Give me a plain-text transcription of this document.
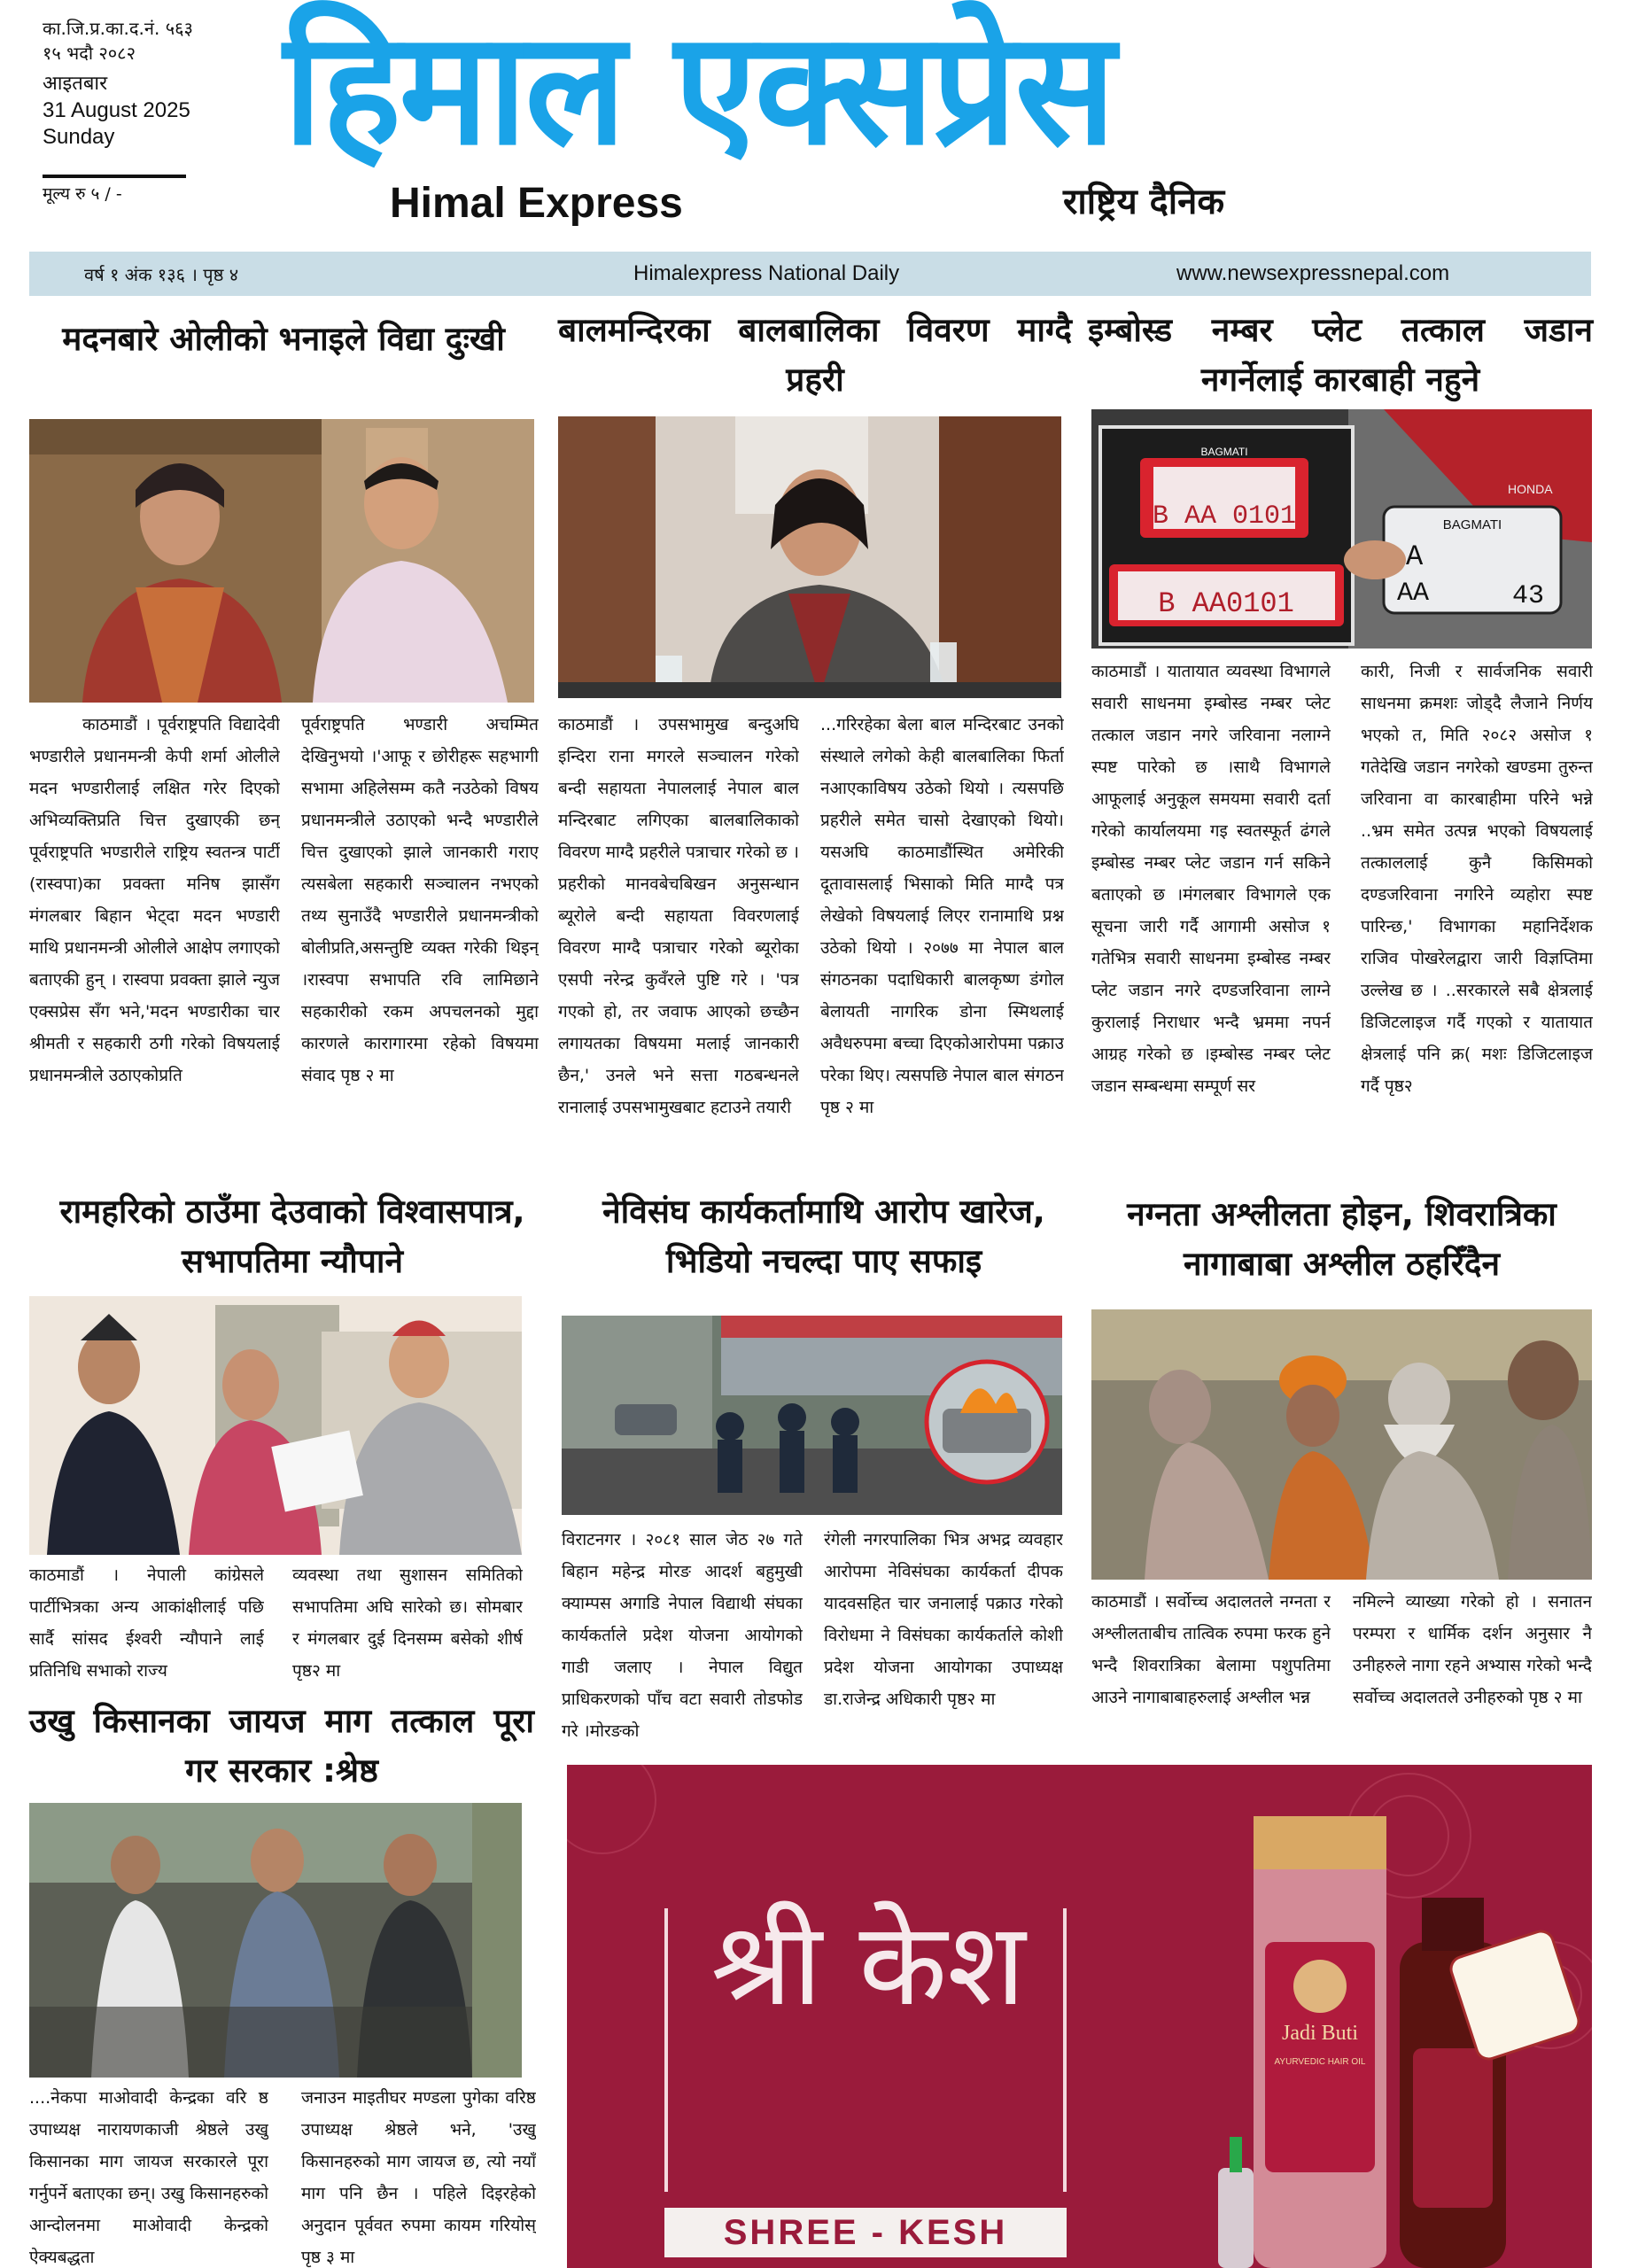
का.जि.प्र.का.द.नं. ५६३
१५ भदौ २०८२
आइतबार
31 August 2025
Sunday
मूल्य रु ५ / -
हिमाल एक्सप्रेस
Himal Express	राष्ट्रिय दैनिक
वर्ष १ अंक १३६ । पृष्ठ ४	Himalexpress National Daily	www.newsexpressnepal.com
मदनबारे ओलीको भनाइले विद्या दुःखी
काठमाडौं । पूर्वराष्ट्रपति विद्यादेवी भण्डारीले प्रधानमन्त्री केपी शर्मा ओलीले मदन भण्डारीलाई लक्षित गरेर दिएको अभिव्यक्तिप्रति चित्त दुखाएकी छन् पूर्वराष्ट्रपति भण्डारीले राष्ट्रिय स्वतन्त्र पार्टी (रास्वपा)का प्रवक्ता मनिष झासँग मंगलबार बिहान भेट्दा मदन भण्डारी माथि प्रधानमन्त्री ओलीले आक्षेप लगाएको बताएकी हुन् । रास्वपा प्रवक्ता झाले न्युज एक्सप्रेस सँग भने,'मदन भण्डारीका चार श्रीमती र सहकारी ठगी गरेको विषयलाई प्रधानमन्त्रीले उठाएकोप्रति
पूर्वराष्ट्रपति भण्डारी अचम्मित देखिनुभयो ।'आफू र छोरीहरू सहभागी सभामा अहिलेसम्म कतै नउठेको विषय प्रधानमन्त्रीले उठाएको भन्दै भण्डारीले चित्त दुखाएको झाले जानकारी गराए त्यसबेला सहकारी सञ्चालन नभएको तथ्य सुनाउँदै भण्डारीले प्रधानमन्त्रीको बोलीप्रति,असन्तुष्टि व्यक्त गरेकी थिइन् ।रास्वपा सभापति रवि लामिछाने सहकारीको रकम अपचलनको मुद्दा कारणले कारागारमा रहेको विषयमा संवाद पृष्ठ २ मा
बालमन्दिरका बालबालिका विवरण माग्दै प्रहरी
काठमाडौं । उपसभामुख बन्दुअघि इन्दिरा राना मगरले सञ्चालन गरेको बन्दी सहायता नेपाललाई नेपाल बाल मन्दिरबाट लगिएका बालबालिकाको विवरण माग्दै प्रहरीले पत्राचार गरेको छ ।प्रहरीको मानवबेचबिखन अनुसन्धान ब्यूरोले बन्दी सहायता विवरणलाई विवरण माग्दै पत्राचार गरेको ब्यूरोका एसपी नरेन्द्र कुवँरले पुष्टि गरे । 'पत्र गएको हो, तर जवाफ आएको छच्छैन लगायतका विषयमा मलाई जानकारी छैन,' उनले भने सत्ता गठबन्धनले रानालाई उपसभामुखबाट हटाउने तयारी
...गरिरहेका बेला बाल मन्दिरबाट उनको संस्थाले लगेको केही बालबालिका फिर्ता नआएकाविषय उठेको थियो । त्यसपछि प्रहरीले समेत चासो देखाएको थियो। यसअघि काठमाडौंस्थित अमेरिकी दूतावासलाई भिसाको मिति माग्दै पत्र लेखेको विषयलाई लिएर रानामाथि प्रश्न उठेको थियो । २०७७ मा नेपाल बाल संगठनका पदाधिकारी बालकृष्ण डंगोल बेलायती नागरिक डोना स्मिथलाई अवैधरुपमा बच्चा दिएकोआरोपमा पक्राउ परेका थिए। त्यसपछि नेपाल बाल संगठन पृष्ठ २ मा
इम्बोस्ड नम्बर प्लेट तत्काल जडान नगर्नेलाई कारबाही नहुने
BAGMATI
B AA 0101
B AA0101
BAGMATI
A
AA	43
HONDA
काठमाडौं । यातायात व्यवस्था विभागले सवारी साधनमा इम्बोस्ड नम्बर प्लेट तत्काल जडान नगरे जरिवाना नलाग्ने स्पष्ट पारेको छ ।साथै विभागले आफूलाई अनुकूल समयमा सवारी दर्ता गरेको कार्यालयमा गइ स्वतस्फूर्त ढंगले इम्बोस्ड नम्बर प्लेट जडान गर्न सकिने बताएको छ ।मंगलबार विभागले एक सूचना जारी गर्दै आगामी असोज १ गतेभित्र सवारी साधनमा इम्बोस्ड नम्बर प्लेट जडान नगरे दण्डजरिवाना लाग्ने कुरालाई निराधार भन्दै भ्रममा नपर्न आग्रह गरेको छ ।इम्बोस्ड नम्बर प्लेट जडान सम्बन्धमा सम्पूर्ण सर
कारी, निजी र सार्वजनिक सवारी साधनमा क्रमशः जोड्दै लैजाने निर्णय भएको त, मिति २०८२ असोज १ गतेदेखि जडान नगरेको खण्डमा तुरुन्त जरिवाना वा कारबाहीमा परिने भन्ने ..भ्रम समेत उत्पन्न भएको विषयलाई तत्काललाई कुनै किसिमको दण्डजरिवाना नगरिने व्यहोरा स्पष्ट पारिन्छ,' विभागका महानिर्देशक राजिव पोखरेलद्वारा जारी विज्ञप्तिमा उल्लेख छ । ..सरकारले सबै क्षेत्रलाई डिजिटलाइज गर्दै गएको र यातायात क्षेत्रलाई पनि क्र( मशः डिजिटलाइज गर्दै पृष्ठ२
रामहरिको ठाउँमा देउवाको विश्वासपात्र, सभापतिमा न्यौपाने
काठमाडौं । नेपाली कांग्रेसले पार्टीभित्रका अन्य आकांक्षीलाई पछि सार्दै सांसद ईश्वरी न्यौपाने लाई प्रतिनिधि सभाको राज्य
व्यवस्था तथा सुशासन समितिको सभापतिमा अघि सारेको छ। सोमबार र मंगलबार दुई दिनसम्म बसेको शीर्ष पृष्ठ२ मा
नेविसंघ कार्यकर्तामाथि आरोप खारेज, भिडियो नचल्दा पाए सफाइ
विराटनगर । २०८१ साल जेठ २७ गते बिहान महेन्द्र मोरङ आदर्श बहुमुखी क्याम्पस अगाडि नेपाल विद्याथी संघका कार्यकर्ताले प्रदेश योजना आयोगको गाडी जलाए । नेपाल विद्युत प्राधिकरणको पाँच वटा सवारी तोडफोड गरे ।मोरङको
रंगेली नगरपालिका भित्र अभद्र व्यवहार आरोपमा नेविसंघका कार्यकर्ता दीपक यादवसहित चार जनालाई पक्राउ गरेको विरोधमा ने विसंघका कार्यकर्ताले कोशी प्रदेश योजना आयोगका उपाध्यक्ष डा.राजेन्द्र अधिकारी पृष्ठ२ मा
नग्नता अश्लीलता होइन, शिवरात्रिका नागाबाबा अश्लील ठहरिँदैन
काठमाडौं । सर्वोच्च अदालतले नग्नता र अश्लीलताबीच तात्विक रुपमा फरक हुने भन्दै शिवरात्रिका बेलामा पशुपतिमा आउने नागाबाबाहरुलाई अश्लील भन्न
नमिल्ने व्याख्या गरेको हो । सनातन परम्परा र धार्मिक दर्शन अनुसार नै उनीहरुले नागा रहने अभ्यास गरेको भन्दै सर्वोच्च अदालतले उनीहरुको पृष्ठ २ मा
उखु किसानका जायज माग तत्काल पूरा गर सरकार :श्रेष्ठ
....नेकपा माओवादी केन्द्रका वरि ष्ठ उपाध्यक्ष नारायणकाजी श्रेष्ठले उखु किसानका माग जायज सरकारले पूरा गर्नुपर्ने बताएका छन्। उखु किसानहरुको आन्दोलनमा माओवादी केन्द्रको ऐक्यबद्धता
जनाउन माइतीघर मण्डला पुगेका वरिष्ठ उपाध्यक्ष श्रेष्ठले भने, 'उखु किसानहरुको माग जायज छ, त्यो नयाँ माग पनि छैन । पहिले दिइरहेको अनुदान पूर्ववत रुपमा कायम गरियोस् पृष्ठ ३ मा
श्री केश
SHREE - KESH
Jadi Buti
AYURVEDIC HAIR OIL
